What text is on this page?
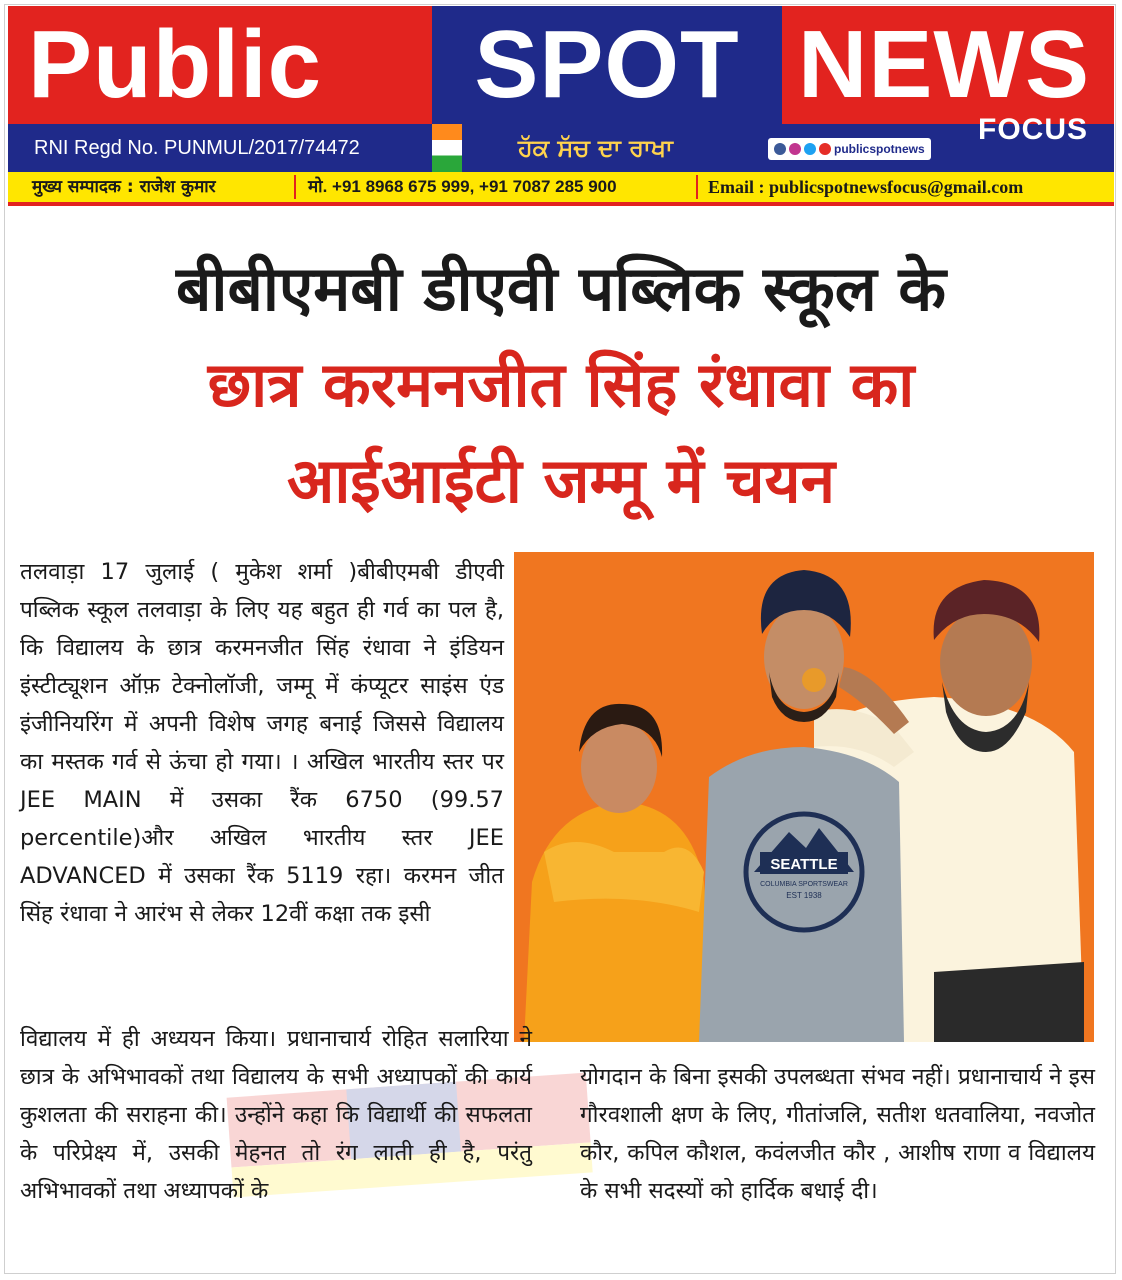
Public	SPOT NEWS
RNI Regd No. PUNMUL/2017/74472	ਹੱਕ ਸੱਚ ਦਾ ਰਾਖਾ	publicspotnews
FOCUS
मुख्य सम्पादक : राजेश कुमार	मो. +91 8968 675 999, +91 7087 285 900	Email : publicspotnewsfocus@gmail.com
बीबीएमबी डीएवी पब्लिक स्कूल के
छात्र करमनजीत सिंह रंधावा का
आईआईटी जम्मू में चयन
SEATTLE
COLUMBIA SPORTSWEAR
EST 1938
तलवाड़ा 17 जुलाई ( मुकेश शर्मा )बीबीएमबी डीएवी पब्लिक स्कूल तलवाड़ा के लिए यह बहुत ही गर्व का पल है, कि विद्यालय के छात्र करमनजीत सिंह रंधावा ने इंडियन इंस्टीट्यूशन ऑफ़ टेक्नोलॉजी, जम्मू में कंप्यूटर साइंस एंड इंजीनियरिंग में अपनी विशेष जगह बनाई जिससे विद्यालय का मस्तक गर्व से ऊंचा हो गया। । अखिल भारतीय स्तर पर JEE MAIN में उसका रैंक 6750 (99.57 percentile)और अखिल भारतीय स्तर JEE ADVANCED में उसका रैंक 5119 रहा। करमन जीत सिंह रंधावा ने आरंभ से लेकर 12वीं कक्षा तक इसी
विद्यालय में ही अध्ययन किया। प्रधानाचार्य रोहित सलारिया ने छात्र के अभिभावकों तथा विद्यालय के सभी अध्यापकों की कार्य कुशलता की सराहना की। उन्होंने कहा कि विद्यार्थी की सफलता के परिप्रेक्ष्य में, उसकी मेहनत तो रंग लाती ही है, परंतु अभिभावकों तथा अध्यापकों के
योगदान के बिना इसकी उपलब्धता संभव नहीं। प्रधानाचार्य ने इस गौरवशाली क्षण के लिए, गीतांजलि, सतीश धतवालिया, नवजोत कौर, कपिल कौशल, कवंलजीत कौर , आशीष राणा व विद्यालय के सभी सदस्यों को हार्दिक बधाई दी।
